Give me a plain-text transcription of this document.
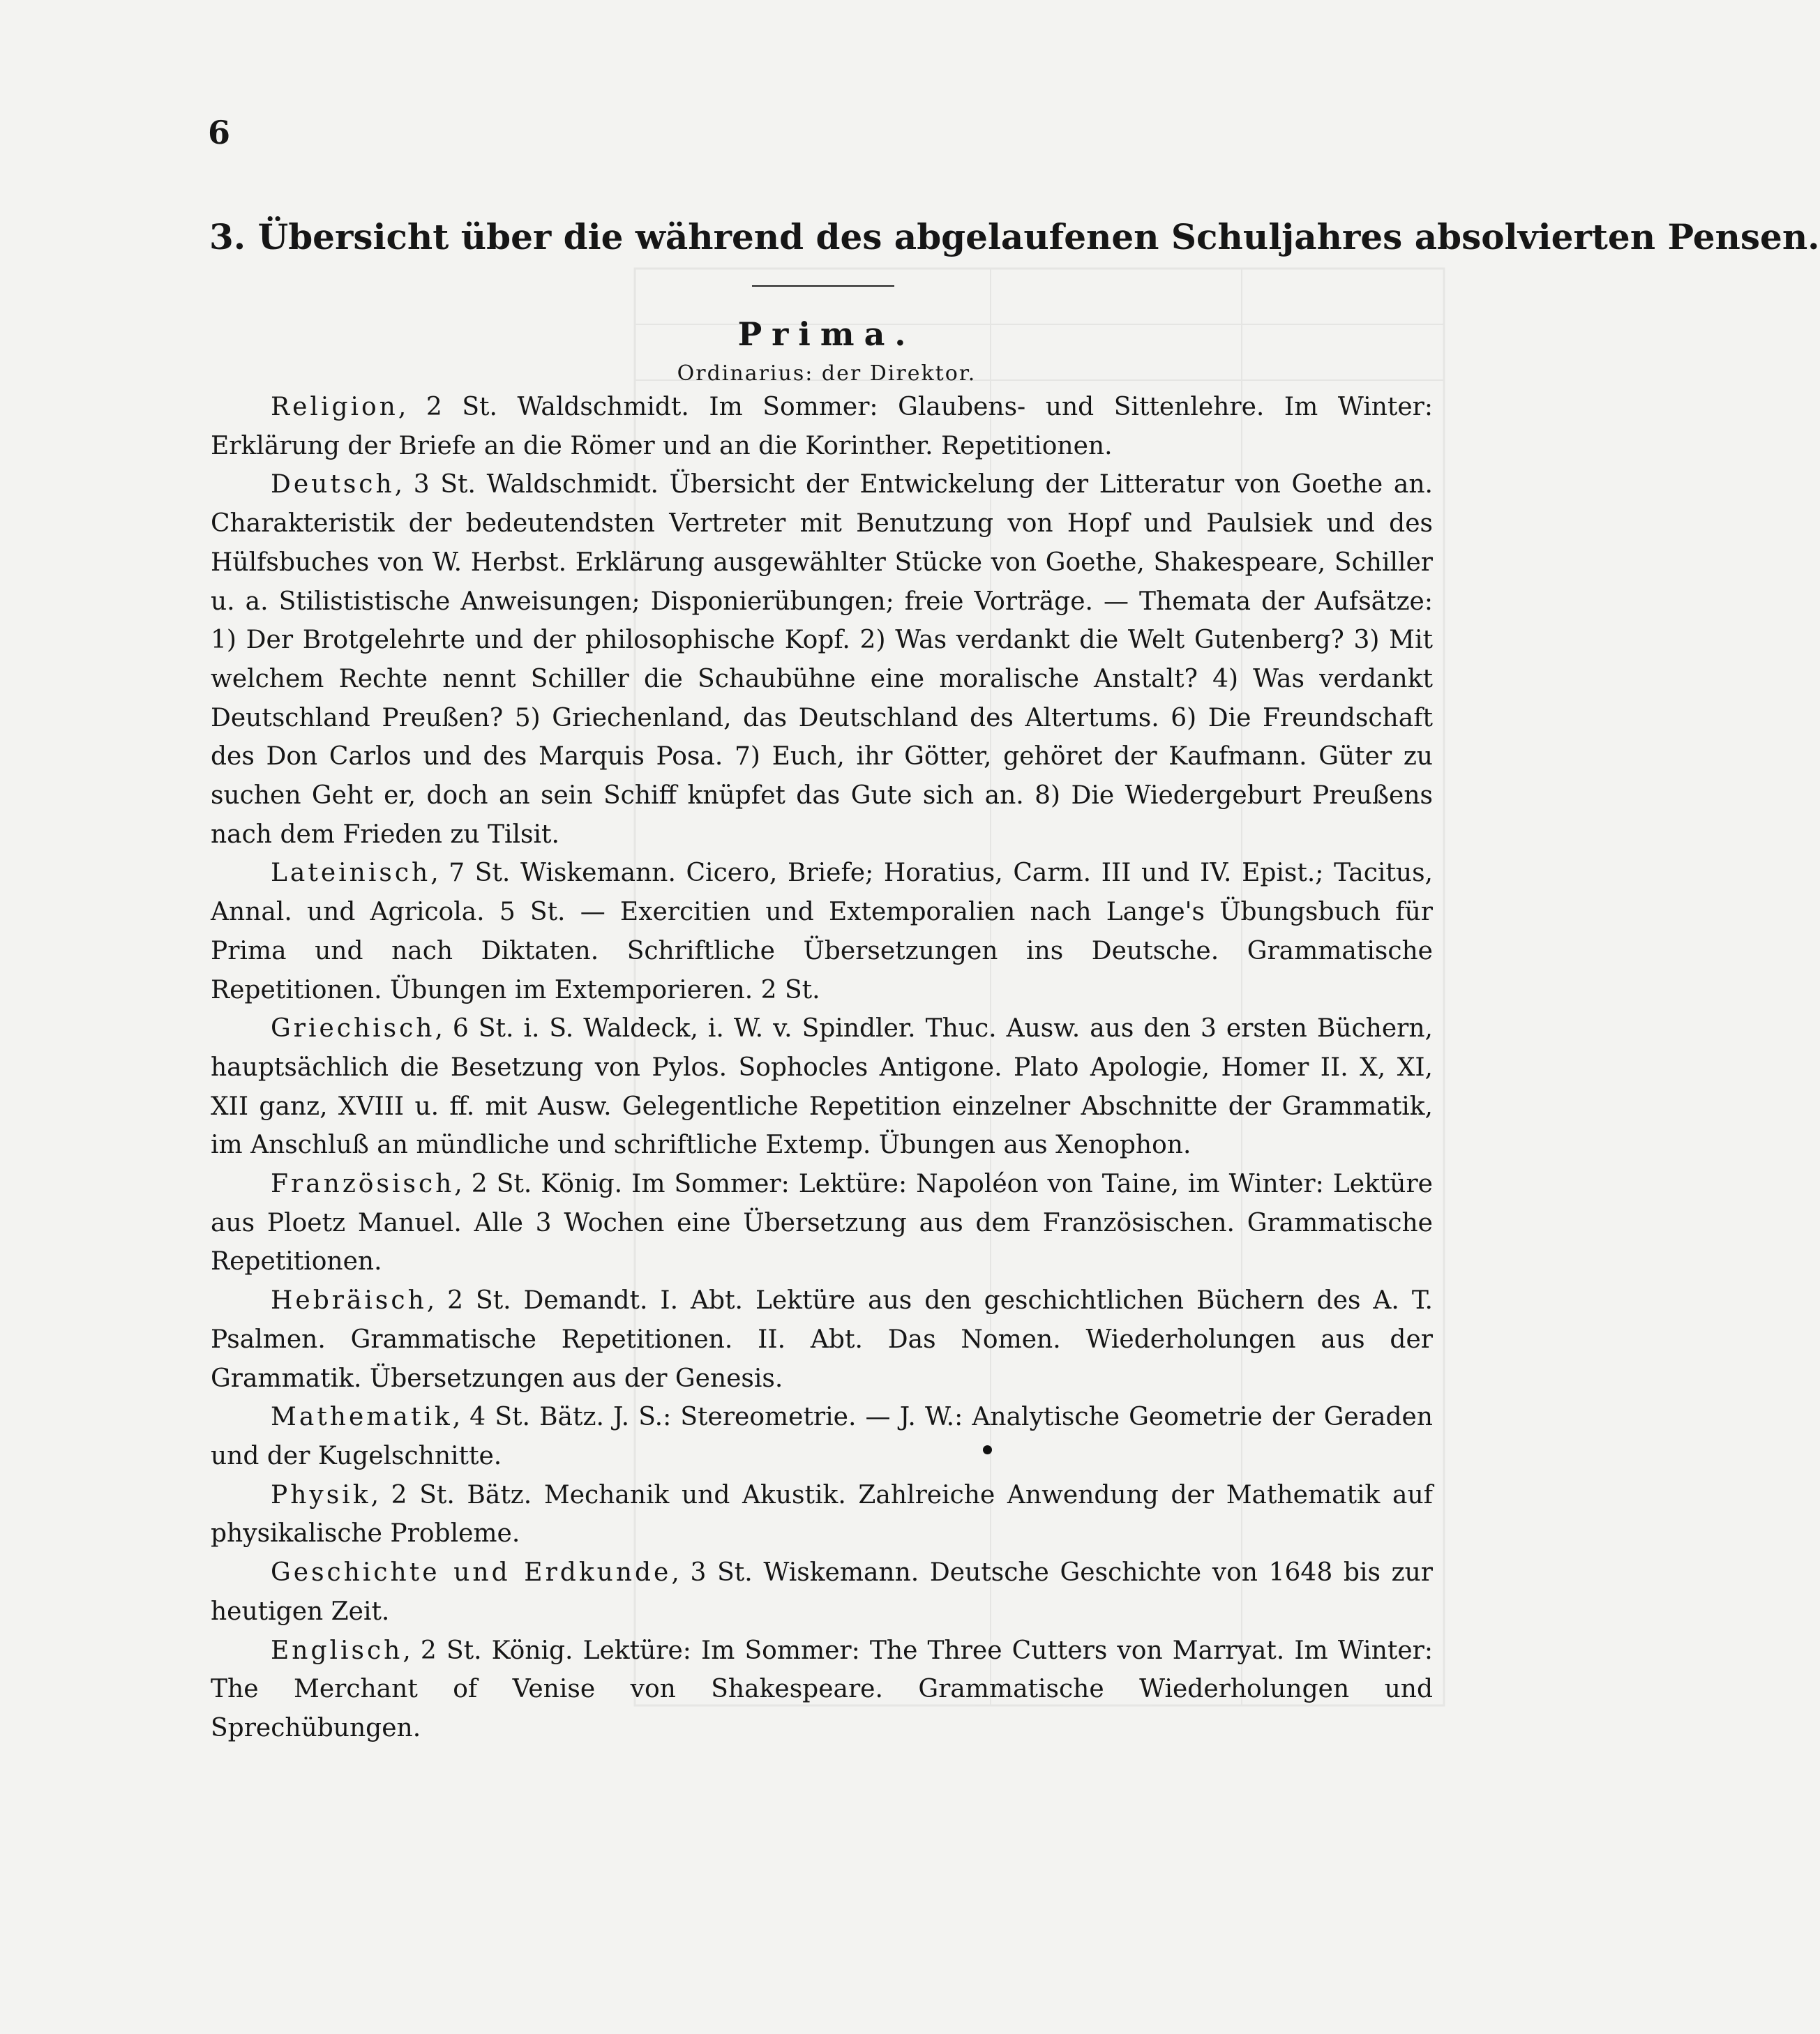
6
3. Übersicht über die während des abgelaufenen Schuljahres absolvierten Pensen.
Prima.
Ordinarius: der Direktor.

Religion, 2 St. Waldschmidt. Im Sommer: Glaubens- und Sittenlehre. Im Winter: Erklärung der Briefe an die Römer und an die Korinther. Repetitionen.

Deutsch, 3 St. Waldschmidt. Übersicht der Entwickelung der Litteratur von Goethe an. Charakteristik der bedeutendsten Vertreter mit Benutzung von Hopf und Paulsiek und des Hülfsbuches von W. Herbst. Erklärung ausgewählter Stücke von Goethe, Shakespeare, Schiller u. a. Stilististische Anweisungen; Disponierübungen; freie Vorträge. — Themata der Aufsätze: 1) Der Brotgelehrte und der philosophische Kopf. 2) Was verdankt die Welt Gutenberg? 3) Mit welchem Rechte nennt Schiller die Schaubühne eine moralische Anstalt? 4) Was verdankt Deutschland Preußen? 5) Griechenland, das Deutschland des Altertums. 6) Die Freundschaft des Don Carlos und des Marquis Posa. 7) Euch, ihr Götter, gehöret der Kaufmann. Güter zu suchen Geht er, doch an sein Schiff knüpfet das Gute sich an. 8) Die Wiedergeburt Preußens nach dem Frieden zu Tilsit.

Lateinisch, 7 St. Wiskemann. Cicero, Briefe; Horatius, Carm. III und IV. Epist.; Tacitus, Annal. und Agricola. 5 St. — Exercitien und Extemporalien nach Lange's Übungsbuch für Prima und nach Diktaten. Schriftliche Übersetzungen ins Deutsche. Grammatische Repetitionen. Übungen im Extemporieren. 2 St.

Griechisch, 6 St. i. S. Waldeck, i. W. v. Spindler. Thuc. Ausw. aus den 3 ersten Büchern, hauptsächlich die Besetzung von Pylos. Sophocles Antigone. Plato Apologie, Homer II. X, XI, XII ganz, XVIII u. ff. mit Ausw. Gelegentliche Repetition einzelner Abschnitte der Grammatik, im Anschluß an mündliche und schriftliche Extemp. Übungen aus Xenophon.

Französisch, 2 St. König. Im Sommer: Lektüre: Napoléon von Taine, im Winter: Lektüre aus Ploetz Manuel. Alle 3 Wochen eine Übersetzung aus dem Französischen. Grammatische Repetitionen.

Hebräisch, 2 St. Demandt. I. Abt. Lektüre aus den geschichtlichen Büchern des A. T. Psalmen. Grammatische Repetitionen. II. Abt. Das Nomen. Wiederholungen aus der Grammatik. Übersetzungen aus der Genesis.

Mathematik, 4 St. Bätz. J. S.: Stereometrie. — J. W.: Analytische Geometrie der Geraden und der Kugelschnitte.

Physik, 2 St. Bätz. Mechanik und Akustik. Zahlreiche Anwendung der Mathematik auf physikalische Probleme.

Geschichte und Erdkunde, 3 St. Wiskemann. Deutsche Geschichte von 1648 bis zur heutigen Zeit.

Englisch, 2 St. König. Lektüre: Im Sommer: The Three Cutters von Marryat. Im Winter: The Merchant of Venise von Shakespeare. Grammatische Wiederholungen und Sprechübungen.
